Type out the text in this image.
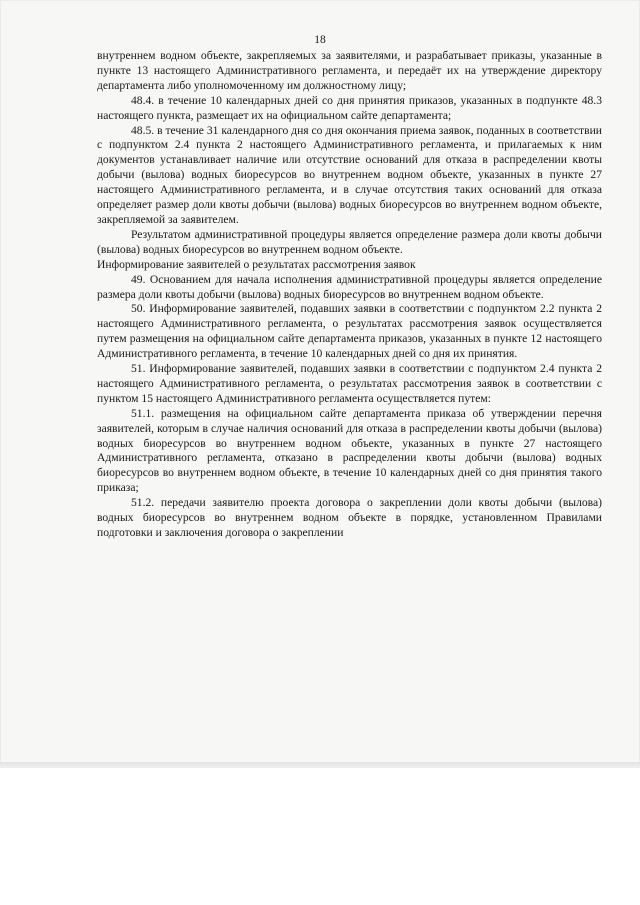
18

внутреннем водном объекте, закрепляемых за заявителями, и разрабатывает приказы, указанные в пункте 13 настоящего Административного регламента, и передаёт их на утверждение директору департамента либо уполномоченному им должностному лицу;

48.4. в течение 10 календарных дней со дня принятия приказов, указанных в подпункте 48.3 настоящего пункта, размещает их на официальном сайте департамента;

48.5. в течение 31 календарного дня со дня окончания приема заявок, поданных в соответствии с подпунктом 2.4 пункта 2 настоящего Административного регламента, и прилагаемых к ним документов устанавливает наличие или отсутствие оснований для отказа в распределении квоты добычи (вылова) водных биоресурсов во внутреннем водном объекте, указанных в пункте 27 настоящего Административного регламента, и в случае отсутствия таких оснований для отказа определяет размер доли квоты добычи (вылова) водных биоресурсов во внутреннем водном объекте, закрепляемой за заявителем.

Результатом административной процедуры является определение размера доли квоты добычи (вылова) водных биоресурсов во внутреннем водном объекте.

Информирование заявителей о результатах рассмотрения заявок

49. Основанием для начала исполнения административной процедуры является определение размера доли квоты добычи (вылова) водных биоресурсов во внутреннем водном объекте.

50. Информирование заявителей, подавших заявки в соответствии с подпунктом 2.2 пункта 2 настоящего Административного регламента, о результатах рассмотрения заявок осуществляется путем размещения на официальном сайте департамента приказов, указанных в пункте 12 настоящего Административного регламента, в течение 10 календарных дней со дня их принятия.

51. Информирование заявителей, подавших заявки в соответствии с подпунктом 2.4 пункта 2 настоящего Административного регламента, о результатах рассмотрения заявок в соответствии с пунктом 15 настоящего Административного регламента осуществляется путем:

51.1. размещения на официальном сайте департамента приказа об утверждении перечня заявителей, которым в случае наличия оснований для отказа в распределении квоты добычи (вылова) водных биоресурсов во внутреннем водном объекте, указанных в пункте 27 настоящего Административного регламента, отказано в распределении квоты добычи (вылова) водных биоресурсов во внутреннем водном объекте, в течение 10 календарных дней со дня принятия такого приказа;

51.2. передачи заявителю проекта договора о закреплении доли квоты добычи (вылова) водных биоресурсов во внутреннем водном объекте в порядке, установленном Правилами подготовки и заключения договора о закреплении
